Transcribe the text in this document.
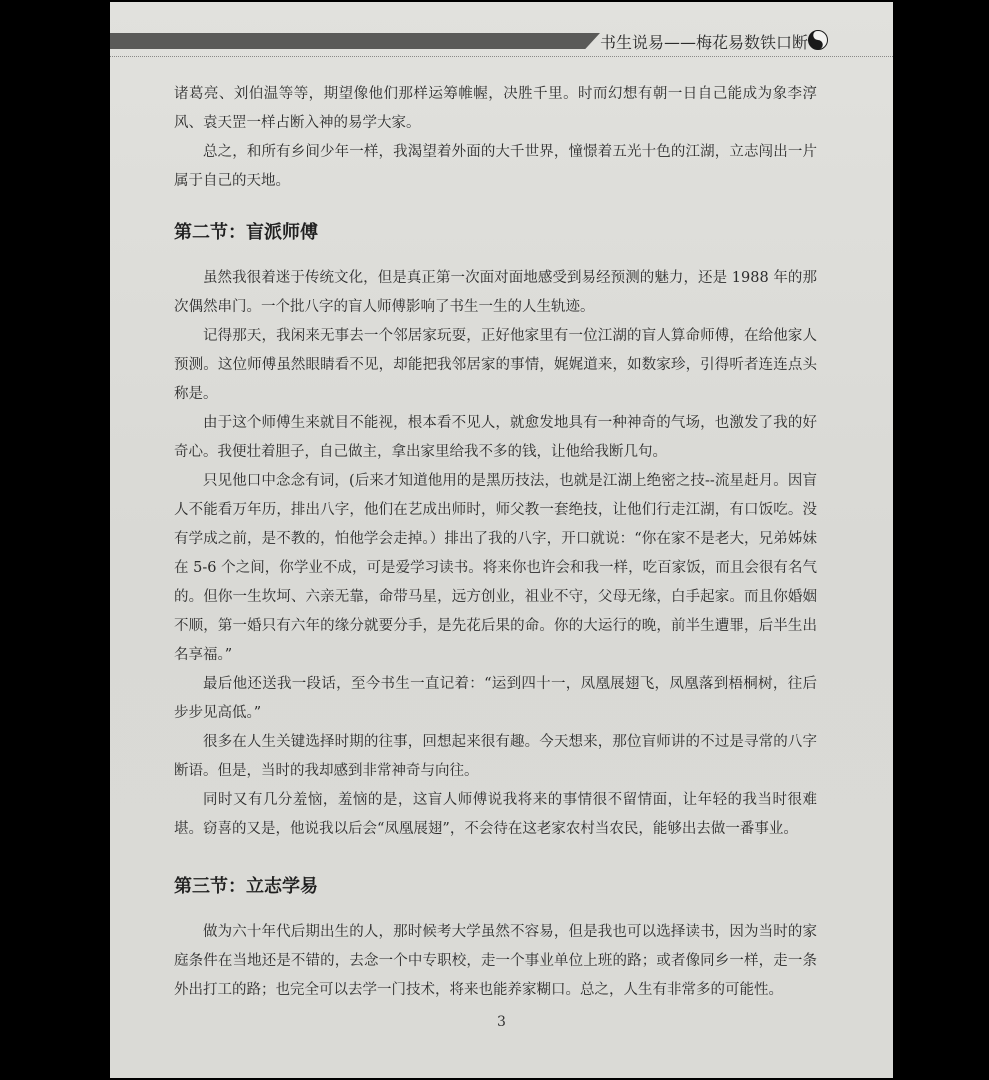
书生说易——梅花易数铁口断

诸葛亮、刘伯温等等，期望像他们那样运筹帷幄，决胜千里。时而幻想有朝一日自己能成为象李淳风、袁天罡一样占断入神的易学大家。

总之，和所有乡间少年一样，我渴望着外面的大千世界，憧憬着五光十色的江湖，立志闯出一片属于自己的天地。

第二节：盲派师傅

虽然我很着迷于传统文化，但是真正第一次面对面地感受到易经预测的魅力，还是 1988 年的那次偶然串门。一个批八字的盲人师傅影响了书生一生的人生轨迹。

记得那天，我闲来无事去一个邻居家玩耍，正好他家里有一位江湖的盲人算命师傅，在给他家人预测。这位师傅虽然眼睛看不见，却能把我邻居家的事情，娓娓道来，如数家珍，引得听者连连点头称是。

由于这个师傅生来就目不能视，根本看不见人，就愈发地具有一种神奇的气场，也激发了我的好奇心。我便壮着胆子，自己做主，拿出家里给我不多的钱，让他给我断几句。

只见他口中念念有词，(后来才知道他用的是黑历技法，也就是江湖上绝密之技--流星赶月。因盲人不能看万年历，排出八字，他们在艺成出师时，师父教一套绝技，让他们行走江湖，有口饭吃。没有学成之前，是不教的，怕他学会走掉。）排出了我的八字，开口就说：“你在家不是老大，兄弟姊妹在 5-6 个之间，你学业不成，可是爱学习读书。将来你也许会和我一样，吃百家饭，而且会很有名气的。但你一生坎坷、六亲无靠，命带马星，远方创业，祖业不守，父母无缘，白手起家。而且你婚姻不顺，第一婚只有六年的缘分就要分手，是先花后果的命。你的大运行的晚，前半生遭罪，后半生出名享福。”

最后他还送我一段话，至今书生一直记着：“运到四十一，凤凰展翅飞，凤凰落到梧桐树，往后步步见高低。”

很多在人生关键选择时期的往事，回想起来很有趣。今天想来，那位盲师讲的不过是寻常的八字断语。但是，当时的我却感到非常神奇与向往。

同时又有几分羞恼，羞恼的是，这盲人师傅说我将来的事情很不留情面，让年轻的我当时很难堪。窃喜的又是，他说我以后会“凤凰展翅”，不会待在这老家农村当农民，能够出去做一番事业。

第三节：立志学易

做为六十年代后期出生的人，那时候考大学虽然不容易，但是我也可以选择读书，因为当时的家庭条件在当地还是不错的，去念一个中专职校，走一个事业单位上班的路；或者像同乡一样，走一条外出打工的路；也完全可以去学一门技术，将来也能养家糊口。总之，人生有非常多的可能性。

3
